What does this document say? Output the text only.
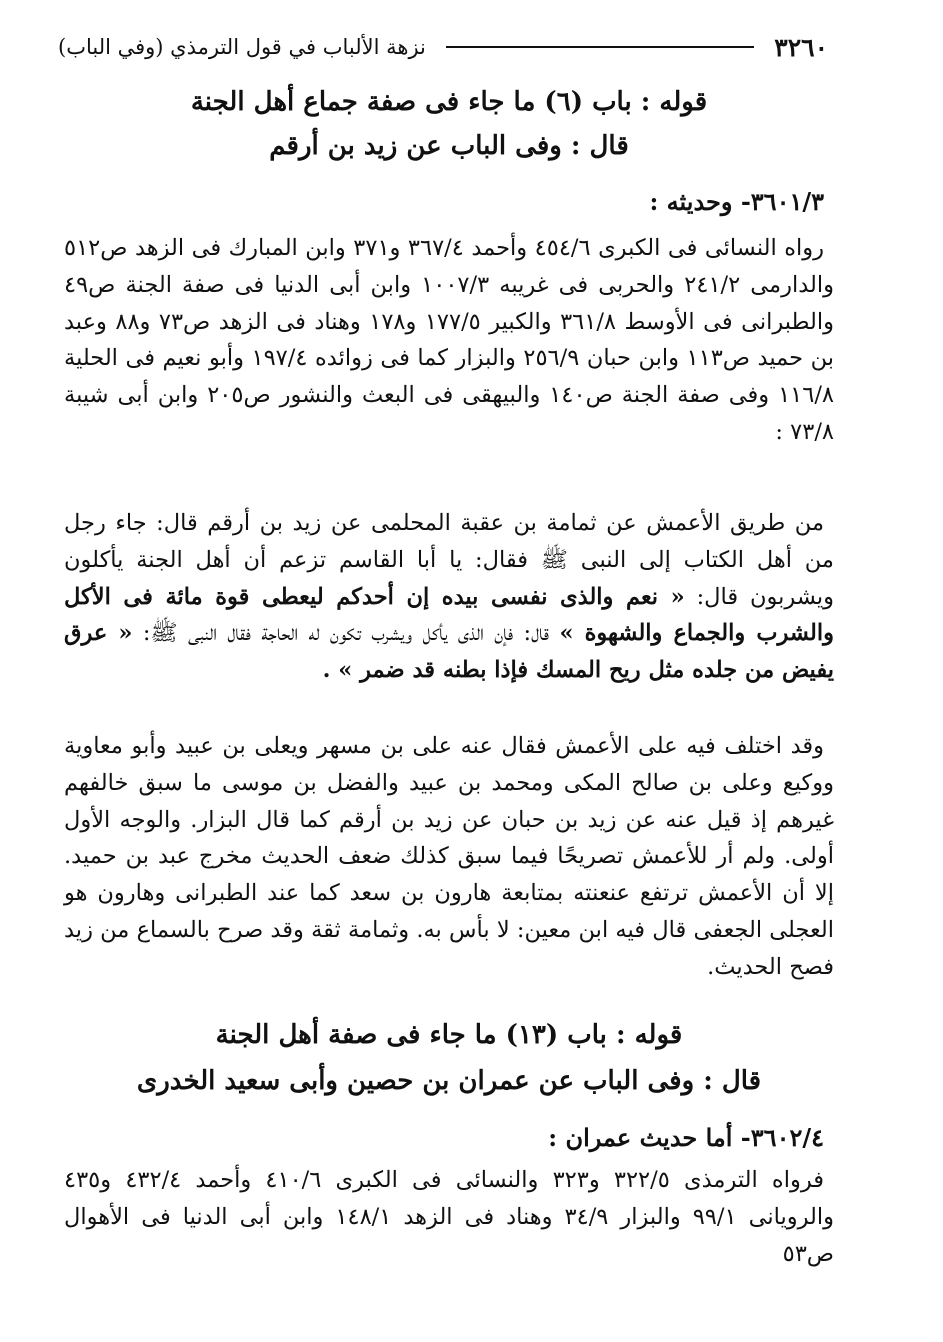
٣٢٦٠
نزهة الألباب في قول الترمذي (وفي الباب)

قوله : باب (٦) ما جاء فى صفة جماع أهل الجنة

قال : وفى الباب عن زيد بن أرقم

٣٦٠١/٣- وحديثه :

رواه النسائى فى الكبرى ٤٥٤/٦ وأحمد ٣٦٧/٤ و٣٧١ وابن المبارك فى الزهد ص٥١٢ والدارمى ٢٤١/٢ والحربى فى غريبه ١٠٠٧/٣ وابن أبى الدنيا فى صفة الجنة ص٤٩ والطبرانى فى الأوسط ٣٦١/٨ والكبير ١٧٧/٥ و١٧٨ وهناد فى الزهد ص٧٣ و٨٨ وعبد بن حميد ص١١٣ وابن حبان ٢٥٦/٩ والبزار كما فى زوائده ١٩٧/٤ وأبو نعيم فى الحلية ١١٦/٨ وفى صفة الجنة ص١٤٠ والبيهقى فى البعث والنشور ص٢٠٥ وابن أبى شيبة ٧٣/٨ :

من طريق الأعمش عن ثمامة بن عقبة المحلمى عن زيد بن أرقم قال: جاء رجل من أهل الكتاب إلى النبى ﷺ فقال: يا أبا القاسم تزعم أن أهل الجنة يأكلون ويشربون قال: « نعم والذى نفسى بيده إن أحدكم ليعطى قوة مائة فى الأكل والشرب والجماع والشهوة » قال: فإن الذى يأكل ويشرب تكون له الحاجة فقال النبى ﷺ: « عرق يفيض من جلده مثل ريح المسك فإذا بطنه قد ضمر » .

وقد اختلف فيه على الأعمش فقال عنه على بن مسهر ويعلى بن عبيد وأبو معاوية ووكيع وعلى بن صالح المكى ومحمد بن عبيد والفضل بن موسى ما سبق خالفهم غيرهم إذ قيل عنه عن زيد بن حبان عن زيد بن أرقم كما قال البزار. والوجه الأول أولى. ولم أر للأعمش تصريحًا فيما سبق كذلك ضعف الحديث مخرج عبد بن حميد. إلا أن الأعمش ترتفع عنعنته بمتابعة هارون بن سعد كما عند الطبرانى وهارون هو العجلى الجعفى قال فيه ابن معين: لا بأس به. وثمامة ثقة وقد صرح بالسماع من زيد فصح الحديث.

قوله : باب (١٣) ما جاء فى صفة أهل الجنة

قال : وفى الباب عن عمران بن حصين وأبى سعيد الخدرى

٣٦٠٢/٤- أما حديث عمران :

فرواه الترمذى ٣٢٢/٥ و٣٢٣ والنسائى فى الكبرى ٤١٠/٦ وأحمد ٤٣٢/٤ و٤٣٥ والرويانى ٩٩/١ والبزار ٣٤/٩ وهناد فى الزهد ١٤٨/١ وابن أبى الدنيا فى الأهوال ص٥٣
